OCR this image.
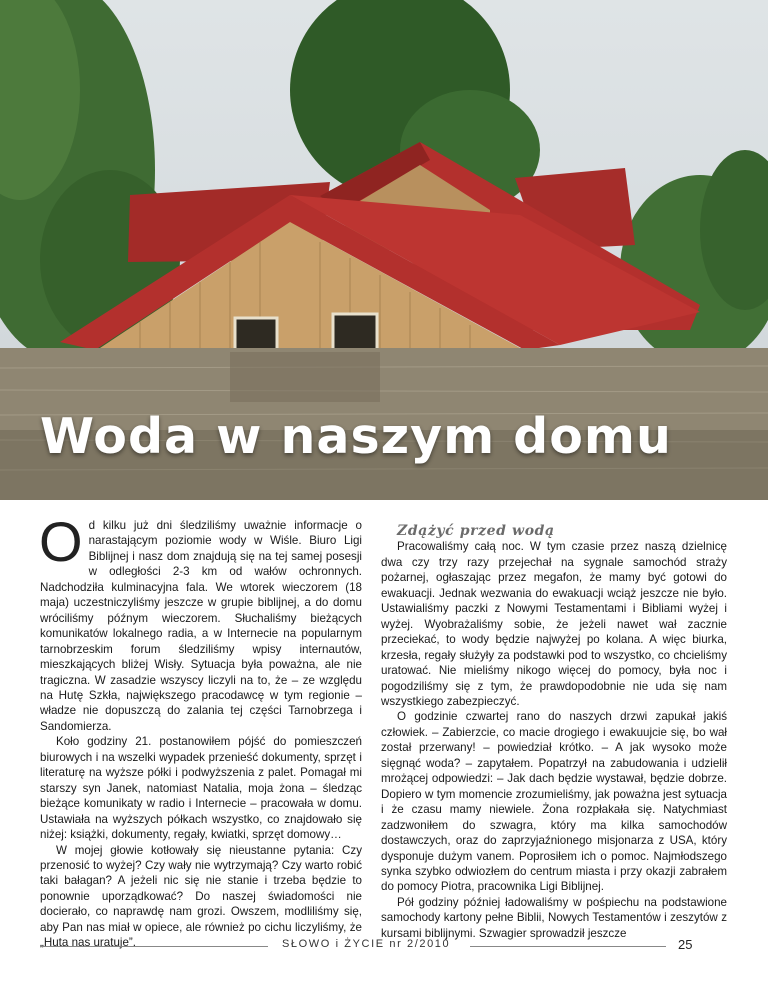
Woda w naszym domu

Od kilku już dni śledziliśmy uważnie informacje o narastającym poziomie wody w Wiśle. Biuro Ligi Biblijnej i nasz dom znajdują się na tej samej posesji w odległości 2-3 km od wałów ochronnych. Nadchodziła kulminacyjna fala. We wtorek wieczorem (18 maja) uczestniczyliśmy jeszcze w grupie biblijnej, a do domu wróciliśmy późnym wieczorem. Słuchaliśmy bieżących komunikatów lokalnego radia, a w Internecie na popularnym tarnobrzeskim forum śledziliśmy wpisy internautów, mieszkających bliżej Wisły. Sytuacja była poważna, ale nie tragiczna. W zasadzie wszyscy liczyli na to, że – ze względu na Hutę Szkła, największego pracodawcę w tym regionie – władze nie dopuszczą do zalania tej części Tarnobrzega i Sandomierza.

Koło godziny 21. postanowiłem pójść do pomieszczeń biurowych i na wszelki wypadek przenieść dokumenty, sprzęt i literaturę na wyższe półki i podwyższenia z palet. Pomagał mi starszy syn Janek, natomiast Natalia, moja żona – śledząc bieżące komunikaty w radio i Internecie – pracowała w domu. Ustawiała na wyższych półkach wszystko, co znajdowało się niżej: książki, dokumenty, regały, kwiatki, sprzęt domowy…

W mojej głowie kotłowały się nieustanne pytania: Czy przenosić to wyżej? Czy wały nie wytrzymają? Czy warto robić taki bałagan? A jeżeli nic się nie stanie i trzeba będzie to ponownie uporządkować? Do naszej świadomości nie docierało, co naprawdę nam grozi. Owszem, modliliśmy się, aby Pan nas miał w opiece, ale również po cichu liczyliśmy, że „Huta nas uratuje”.

Zdążyć przed wodą

Pracowaliśmy całą noc. W tym czasie przez naszą dzielnicę dwa czy trzy razy przejechał na sygnale samochód straży pożarnej, ogłaszając przez megafon, że mamy być gotowi do ewakuacji. Jednak wezwania do ewakuacji wciąż jeszcze nie było. Ustawialiśmy paczki z Nowymi Testamentami i Bibliami wyżej i wyżej. Wyobrażaliśmy sobie, że jeżeli nawet wał zacznie przeciekać, to wody będzie najwyżej po kolana. A więc biurka, krzesła, regały służyły za podstawki pod to wszystko, co chcieliśmy uratować. Nie mieliśmy nikogo więcej do pomocy, była noc i pogodziliśmy się z tym, że prawdopodobnie nie uda się nam wszystkiego zabezpieczyć.

O godzinie czwartej rano do naszych drzwi zapukał jakiś człowiek. – Zabierzcie, co macie drogiego i ewakuujcie się, bo wał został przerwany! – powiedział krótko. – A jak wysoko może sięgnąć woda? – zapytałem. Popatrzył na zabudowania i udzielił mrożącej odpowiedzi: – Jak dach będzie wystawał, będzie dobrze. Dopiero w tym momencie zrozumieliśmy, jak poważna jest sytuacja i że czasu mamy niewiele. Żona rozpłakała się. Natychmiast zadzwoniłem do szwagra, który ma kilka samochodów dostawczych, oraz do zaprzyjaźnionego misjonarza z USA, który dysponuje dużym vanem. Poprosiłem ich o pomoc. Najmłodszego synka szybko odwiozłem do centrum miasta i przy okazji zabrałem do pomocy Piotra, pracownika Ligi Biblijnej.

Pół godziny później ładowaliśmy w pośpiechu na podstawione samochody kartony pełne Biblii, Nowych Testamentów i zeszytów z kursami biblijnymi. Szwagier sprowadził jeszcze

SŁOWO i ŻYCIE nr 2/2010	25
